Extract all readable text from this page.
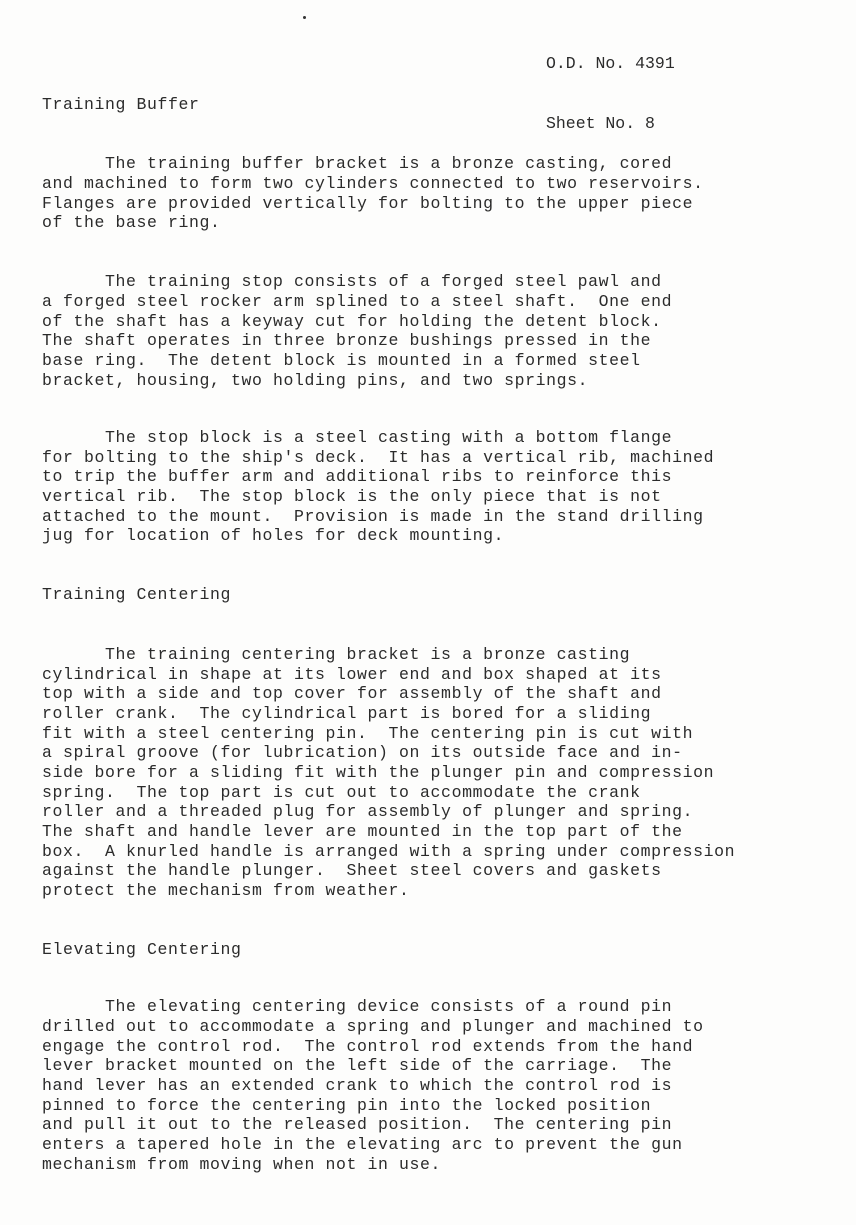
O.D. No. 4391

Sheet No. 8

Training Buffer
The training buffer bracket is a bronze casting, cored
and machined to form two cylinders connected to two reservoirs.
Flanges are provided vertically for bolting to the upper piece
of the base ring.
The training stop consists of a forged steel pawl and
a forged steel rocker arm splined to a steel shaft.  One end
of the shaft has a keyway cut for holding the detent block.
The shaft operates in three bronze bushings pressed in the
base ring.  The detent block is mounted in a formed steel
bracket, housing, two holding pins, and two springs.
The stop block is a steel casting with a bottom flange
for bolting to the ship's deck.  It has a vertical rib, machined
to trip the buffer arm and additional ribs to reinforce this
vertical rib.  The stop block is the only piece that is not
attached to the mount.  Provision is made in the stand drilling
jug for location of holes for deck mounting.
Training Centering
The training centering bracket is a bronze casting
cylindrical in shape at its lower end and box shaped at its
top with a side and top cover for assembly of the shaft and
roller crank.  The cylindrical part is bored for a sliding
fit with a steel centering pin.  The centering pin is cut with
a spiral groove (for lubrication) on its outside face and in-
side bore for a sliding fit with the plunger pin and compression
spring.  The top part is cut out to accommodate the crank
roller and a threaded plug for assembly of plunger and spring.
The shaft and handle lever are mounted in the top part of the
box.  A knurled handle is arranged with a spring under compression
against the handle plunger.  Sheet steel covers and gaskets
protect the mechanism from weather.
Elevating Centering
The elevating centering device consists of a round pin
drilled out to accommodate a spring and plunger and machined to
engage the control rod.  The control rod extends from the hand
lever bracket mounted on the left side of the carriage.  The
hand lever has an extended crank to which the control rod is
pinned to force the centering pin into the locked position
and pull it out to the released position.  The centering pin
enters a tapered hole in the elevating arc to prevent the gun
mechanism from moving when not in use.
